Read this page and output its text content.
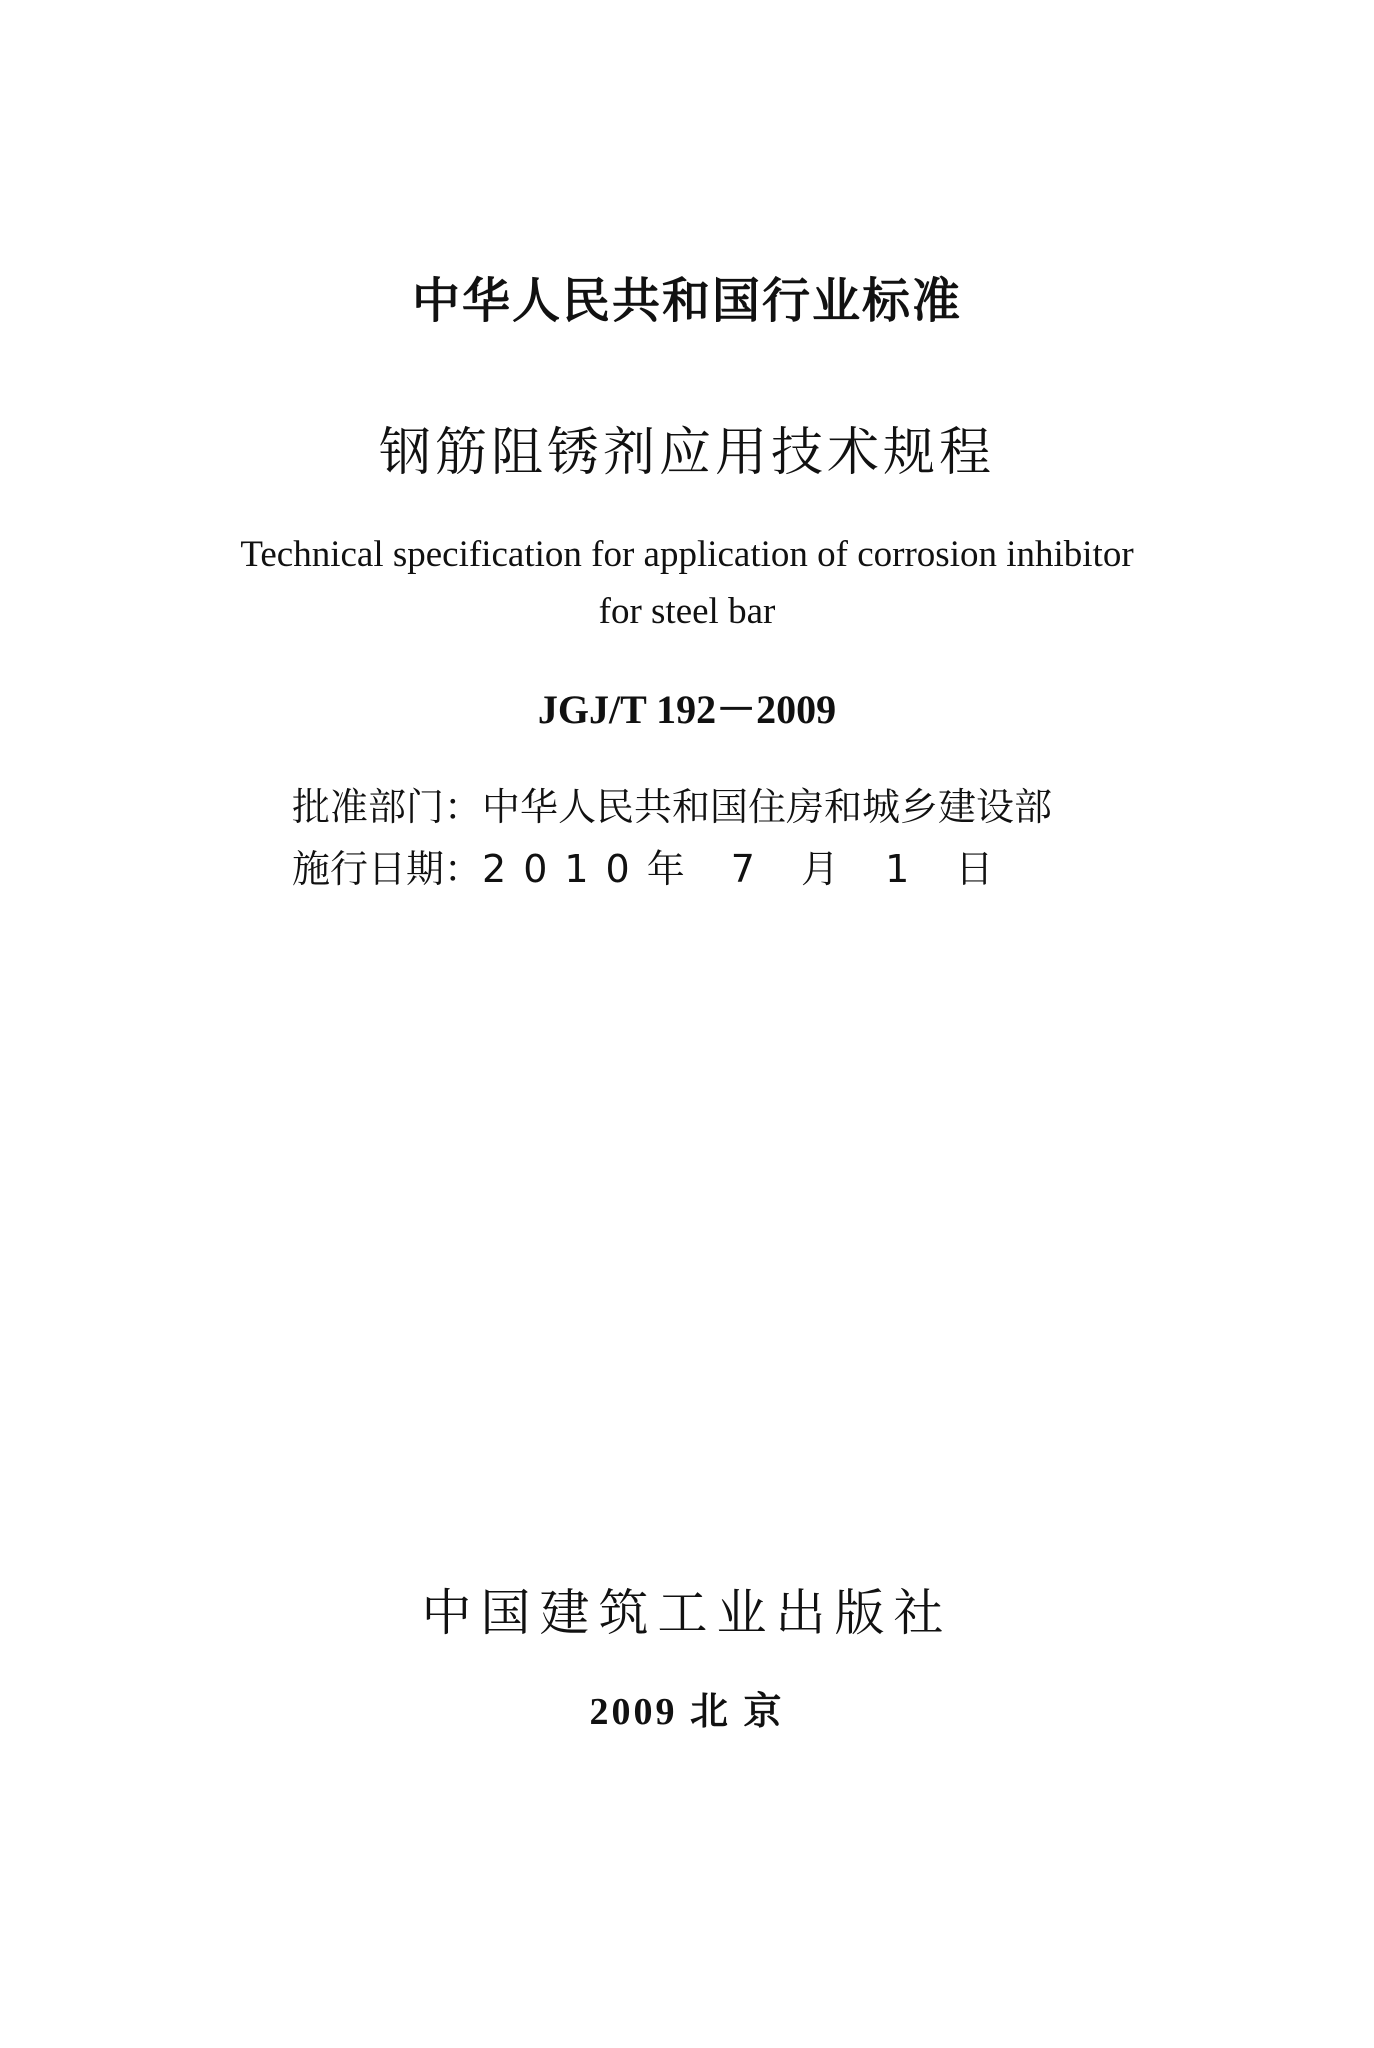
中华人民共和国行业标准
钢筋阻锈剂应用技术规程
Technical specification for application of corrosion inhibitor
for steel bar
JGJ/T 192－2009
批准部门：中华人民共和国住房和城乡建设部
施行日期：2010年 7 月 1 日
中国建筑工业出版社
2009 北 京
